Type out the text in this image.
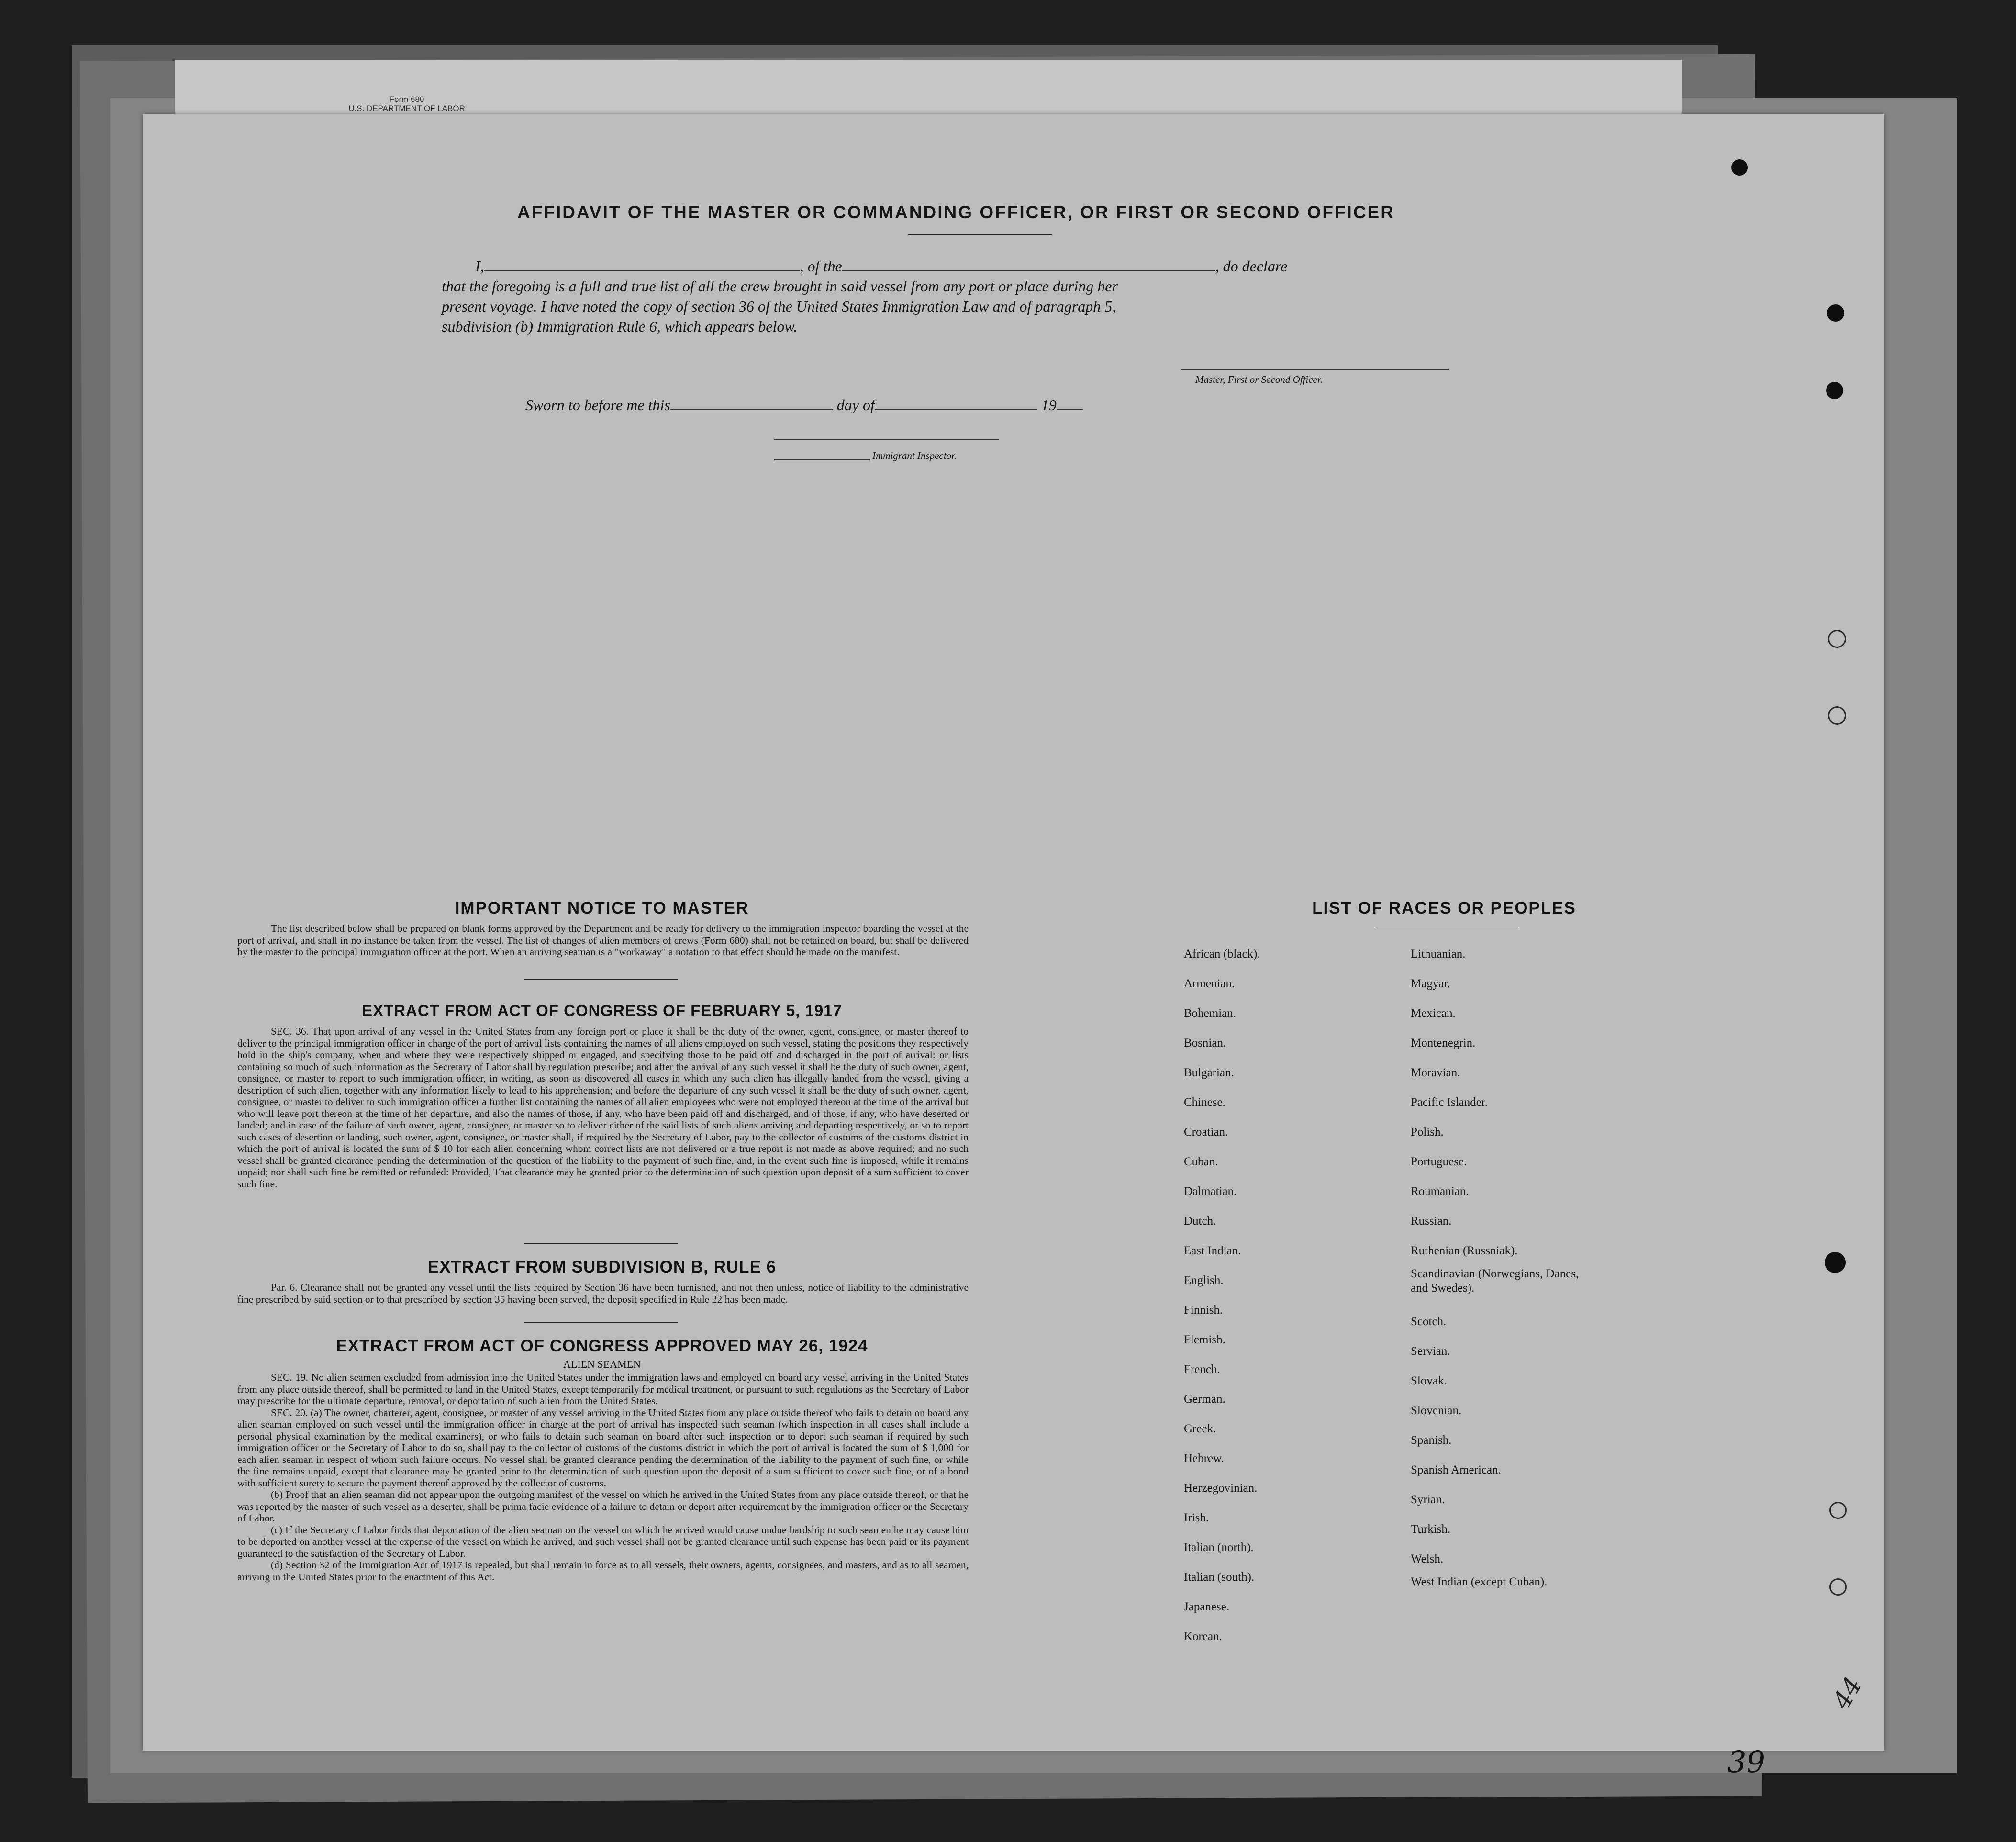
Form 680
U.S. DEPARTMENT OF LABOR
AFFIDAVIT OF THE MASTER OR COMMANDING OFFICER, OR FIRST OR SECOND OFFICER
I,	, of the	, do declare
that the foregoing is a full and true list of all the crew brought in said vessel from any port or place during her
present voyage. I have noted the copy of section 36 of the United States Immigration Law and of paragraph 5,
subdivision (b) Immigration Rule 6, which appears below.
Master, First or Second Officer.
Sworn to before me this	day of	19
Immigrant Inspector.
IMPORTANT NOTICE TO MASTER
The list described below shall be prepared on blank forms approved by the Department and be ready for delivery to the immigration inspector boarding the vessel at the port of arrival, and shall in no instance be taken from the vessel. The list of changes of alien members of crews (Form 680) shall not be retained on board, but shall be delivered by the master to the principal immigration officer at the port. When an arriving seaman is a "workaway" a notation to that effect should be made on the manifest.
EXTRACT FROM ACT OF CONGRESS OF FEBRUARY 5, 1917
SEC. 36. That upon arrival of any vessel in the United States from any foreign port or place it shall be the duty of the owner, agent, consignee, or master thereof to deliver to the principal immigration officer in charge of the port of arrival lists containing the names of all aliens employed on such vessel, stating the positions they respectively hold in the ship's company, when and where they were respectively shipped or engaged, and specifying those to be paid off and discharged in the port of arrival: or lists containing so much of such information as the Secretary of Labor shall by regulation prescribe; and after the arrival of any such vessel it shall be the duty of such owner, agent, consignee, or master to report to such immigration officer, in writing, as soon as discovered all cases in which any such alien has illegally landed from the vessel, giving a description of such alien, together with any information likely to lead to his apprehension; and before the departure of any such vessel it shall be the duty of such owner, agent, consignee, or master to deliver to such immigration officer a further list containing the names of all alien employees who were not employed thereon at the time of the arrival but who will leave port thereon at the time of her departure, and also the names of those, if any, who have been paid off and discharged, and of those, if any, who have deserted or landed; and in case of the failure of such owner, agent, consignee, or master so to deliver either of the said lists of such aliens arriving and departing respectively, or so to report such cases of desertion or landing, such owner, agent, consignee, or master shall, if required by the Secretary of Labor, pay to the collector of customs of the customs district in which the port of arrival is located the sum of $ 10 for each alien concerning whom correct lists are not delivered or a true report is not made as above required; and no such vessel shall be granted clearance pending the determination of the question of the liability to the payment of such fine, and, in the event such fine is imposed, while it remains unpaid; nor shall such fine be remitted or refunded: Provided, That clearance may be granted prior to the determination of such question upon deposit of a sum sufficient to cover such fine.
EXTRACT FROM SUBDIVISION B, RULE 6
Par. 6. Clearance shall not be granted any vessel until the lists required by Section 36 have been furnished, and not then unless, notice of liability to the administrative fine prescribed by said section or to that prescribed by section 35 having been served, the deposit specified in Rule 22 has been made.
EXTRACT FROM ACT OF CONGRESS APPROVED MAY 26, 1924
ALIEN SEAMEN
SEC. 19. No alien seamen excluded from admission into the United States under the immigration laws and employed on board any vessel arriving in the United States from any place outside thereof, shall be permitted to land in the United States, except temporarily for medical treatment, or pursuant to such regulations as the Secretary of Labor may prescribe for the ultimate departure, removal, or deportation of such alien from the United States.
SEC. 20. (a) The owner, charterer, agent, consignee, or master of any vessel arriving in the United States from any place outside thereof who fails to detain on board any alien seaman employed on such vessel until the immigration officer in charge at the port of arrival has inspected such seaman (which inspection in all cases shall include a personal physical examination by the medical examiners), or who fails to detain such seaman on board after such inspection or to deport such seaman if required by such immigration officer or the Secretary of Labor to do so, shall pay to the collector of customs of the customs district in which the port of arrival is located the sum of $ 1,000 for each alien seaman in respect of whom such failure occurs. No vessel shall be granted clearance pending the determination of the liability to the payment of such fine, or while the fine remains unpaid, except that clearance may be granted prior to the determination of such question upon the deposit of a sum sufficient to cover such fine, or of a bond with sufficient surety to secure the payment thereof approved by the collector of customs.
(b) Proof that an alien seaman did not appear upon the outgoing manifest of the vessel on which he arrived in the United States from any place outside thereof, or that he was reported by the master of such vessel as a deserter, shall be prima facie evidence of a failure to detain or deport after requirement by the immigration officer or the Secretary of Labor.
(c) If the Secretary of Labor finds that deportation of the alien seaman on the vessel on which he arrived would cause undue hardship to such seamen he may cause him to be deported on another vessel at the expense of the vessel on which he arrived, and such vessel shall not be granted clearance until such expense has been paid or its payment guaranteed to the satisfaction of the Secretary of Labor.
(d) Section 32 of the Immigration Act of 1917 is repealed, but shall remain in force as to all vessels, their owners, agents, consignees, and masters, and as to all seamen, arriving in the United States prior to the enactment of this Act.
LIST OF RACES OR PEOPLES
African (black).
Armenian.
Bohemian.
Bosnian.
Bulgarian.
Chinese.
Croatian.
Cuban.
Dalmatian.
Dutch.
East Indian.
English.
Finnish.
Flemish.
French.
German.
Greek.
Hebrew.
Herzegovinian.
Irish.
Italian (north).
Italian (south).
Japanese.
Korean.
Lithuanian.
Magyar.
Mexican.
Montenegrin.
Moravian.
Pacific Islander.
Polish.
Portuguese.
Roumanian.
Russian.
Ruthenian (Russniak).
Scandinavian (Norwegians, Danes, and Swedes).
Scotch.
Servian.
Slovak.
Slovenian.
Spanish.
Spanish American.
Syrian.
Turkish.
Welsh.
West Indian (except Cuban).
44
39
